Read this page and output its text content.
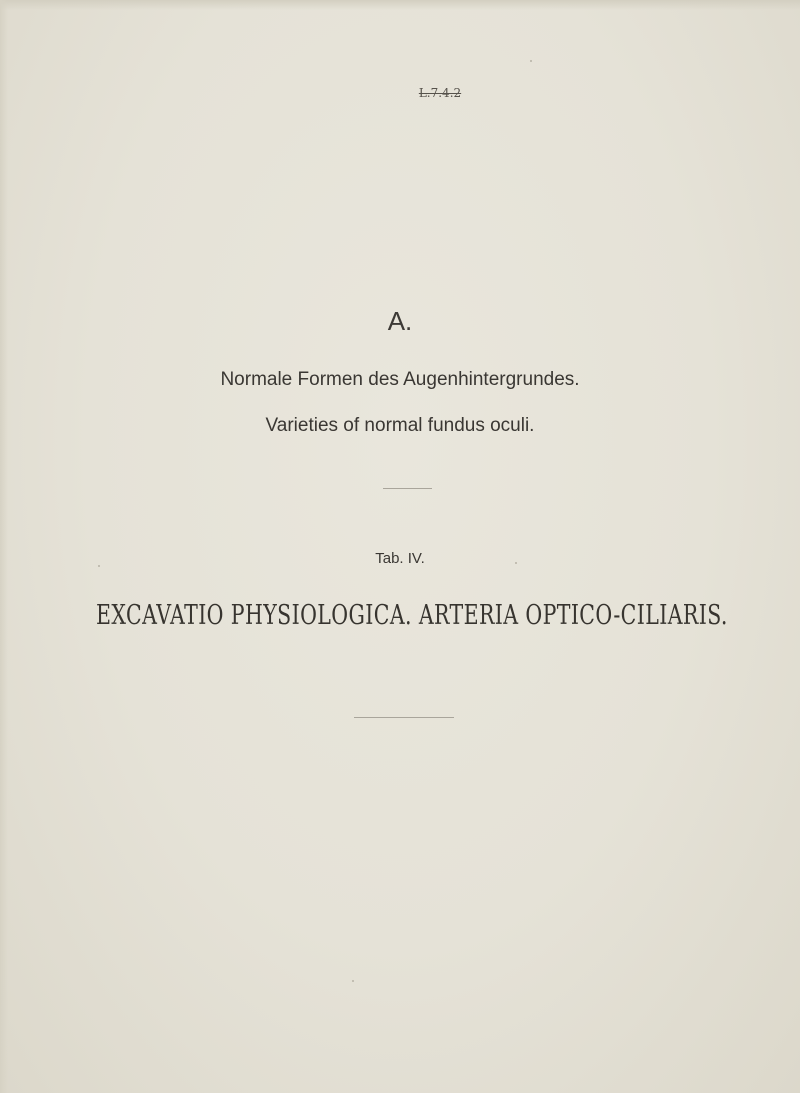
L.7.4.2
A.
Normale Formen des Augenhintergrundes.
Varieties of normal fundus oculi.
Tab. IV.
EXCAVATIO PHYSIOLOGICA. ARTERIA OPTICO-CILIARIS.
